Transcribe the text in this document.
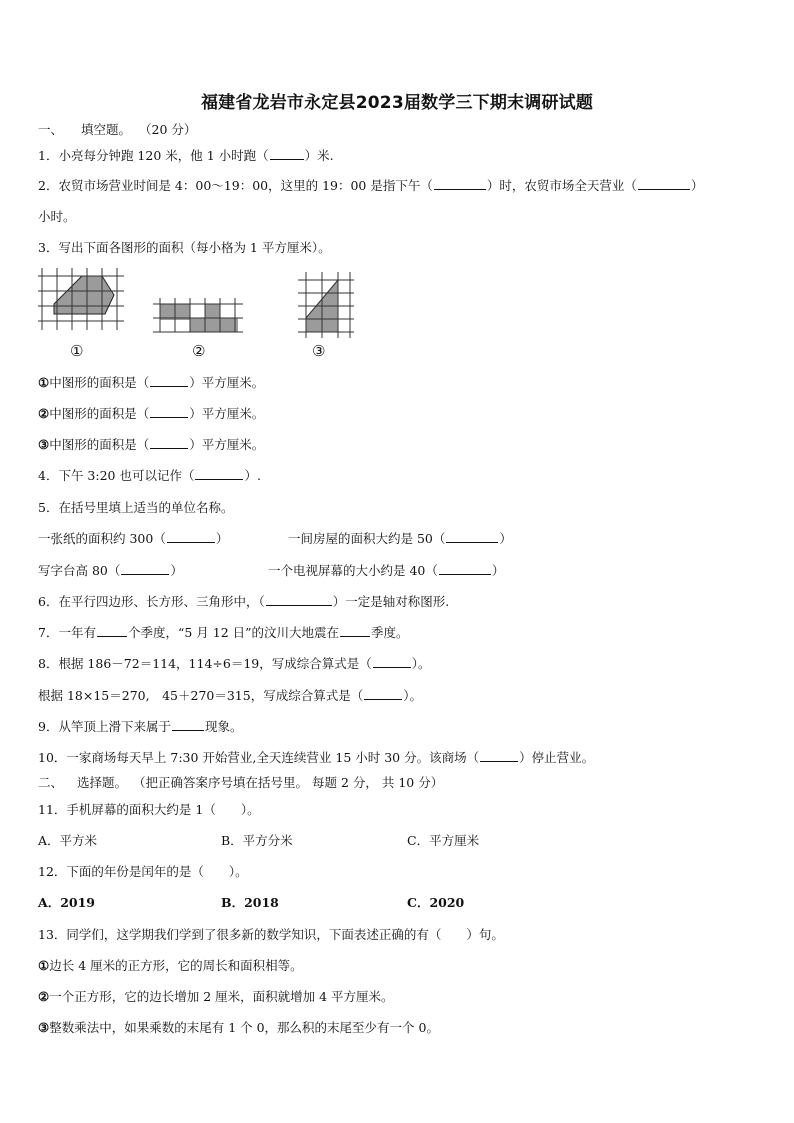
福建省龙岩市永定县2023届数学三下期末调研试题
一、 填空题。 （20 分）
1．小亮每分钟跑 120 米，他 1 小时跑（	）米.
2．农贸市场营业时间是 4：00～19：00，这里的 19：00 是指下午（	）时，农贸市场全天营业（	）
小时。
3．写出下面各图形的面积（每小格为 1 平方厘米）。
①	②	③
①中图形的面积是（	）平方厘米。
②中图形的面积是（	）平方厘米。
③中图形的面积是（	）平方厘米。
4．下午 3:20 也可以记作（	）.
5．在括号里填上适当的单位名称。
一张纸的面积约 300（	）	一间房屋的面积大约是 50（	）
写字台高 80（	）	一个电视屏幕的大小约是 40（	）
6．在平行四边形、长方形、三角形中，（	）一定是轴对称图形.
7．一年有	个季度，“5 月 12 日”的汶川大地震在	季度。
8．根据 186－72＝114，114÷6＝19，写成综合算式是（	）。
根据 18×15＝270,　45＋270＝315，写成综合算式是（	）。
9．从竿顶上滑下来属于	现象。
10．一家商场每天早上 7:30 开始营业,全天连续营业 15 小时 30 分。该商场（	）停止营业。
二、 选择题。 （把正确答案序号填在括号里。 每题 2 分， 共 10 分）
11．手机屏幕的面积大约是 1（　　）。
A．平方米	B．平方分米	C．平方厘米
12．下面的年份是闰年的是（　　）。
A．2019	B．2018	C．2020
13．同学们，这学期我们学到了很多新的数学知识，下面表述正确的有（　　）句。
①边长 4 厘米的正方形，它的周长和面积相等。
②一个正方形，它的边长增加 2 厘米，面积就增加 4 平方厘米。
③整数乘法中，如果乘数的末尾有 1 个 0，那么积的末尾至少有一个 0。
